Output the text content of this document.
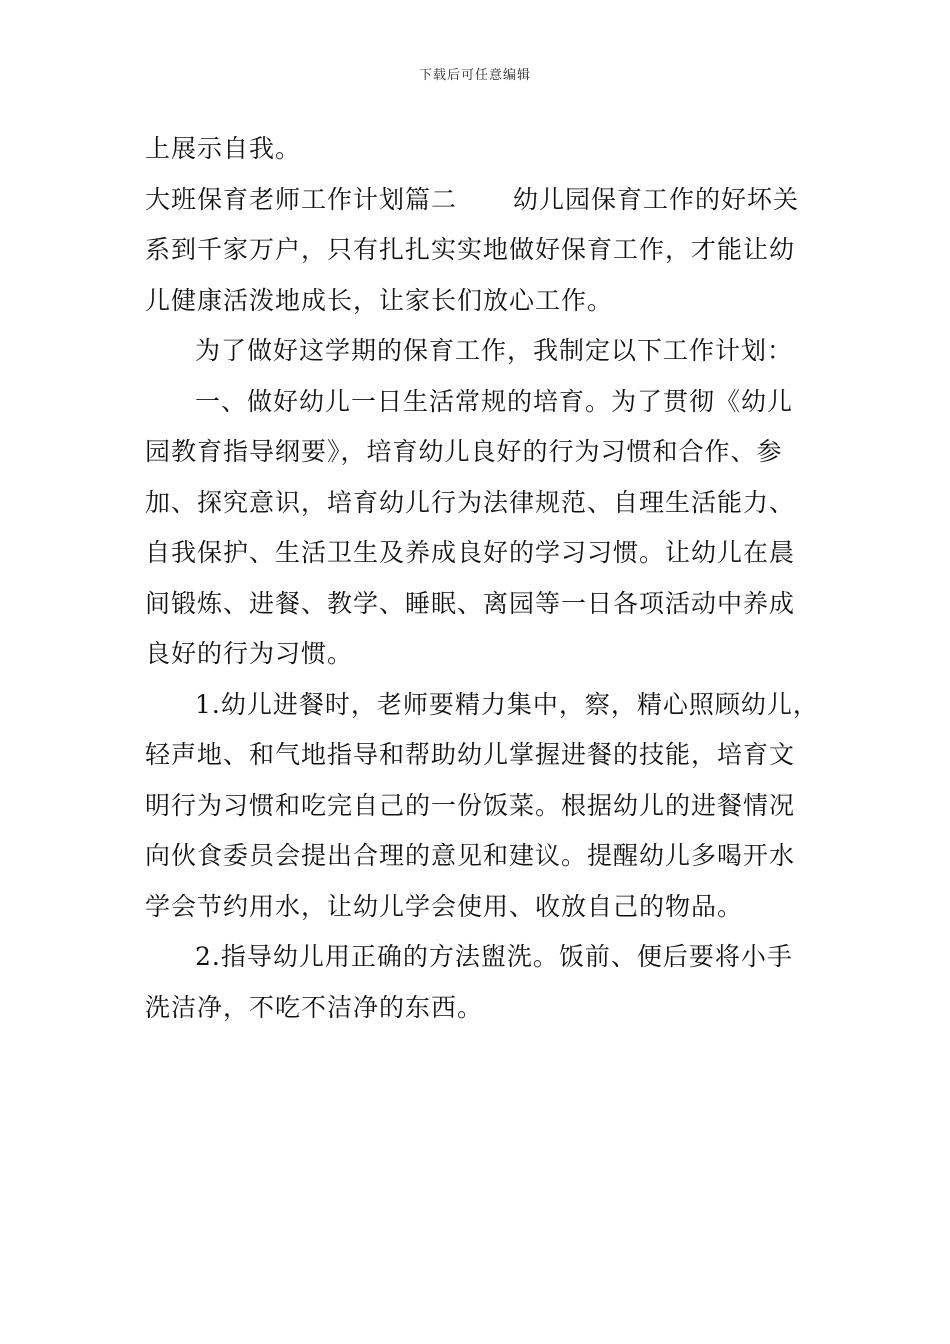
下载后可任意编辑
上展示自我。
大班保育老师工作计划篇二 幼儿园保育工作的好坏关
系到千家万户，只有扎扎实实地做好保育工作，才能让幼
儿健康活泼地成长，让家长们放心工作。
为了做好这学期的保育工作，我制定以下工作计划：
一、做好幼儿一日生活常规的培育。为了贯彻《幼儿
园教育指导纲要》，培育幼儿良好的行为习惯和合作、参
加、探究意识，培育幼儿行为法律规范、自理生活能力、
自我保护、生活卫生及养成良好的学习习惯。让幼儿在晨
间锻炼、进餐、教学、睡眠、离园等一日各项活动中养成
良好的行为习惯。
1.幼儿进餐时，老师要精力集中，察，精心照顾幼儿，
轻声地、和气地指导和帮助幼儿掌握进餐的技能，培育文
明行为习惯和吃完自己的一份饭菜。根据幼儿的进餐情况
向伙食委员会提出合理的意见和建议。提醒幼儿多喝开水
学会节约用水，让幼儿学会使用、收放自己的物品。
2.指导幼儿用正确的方法盥洗。饭前、便后要将小手
洗洁净，不吃不洁净的东西。
